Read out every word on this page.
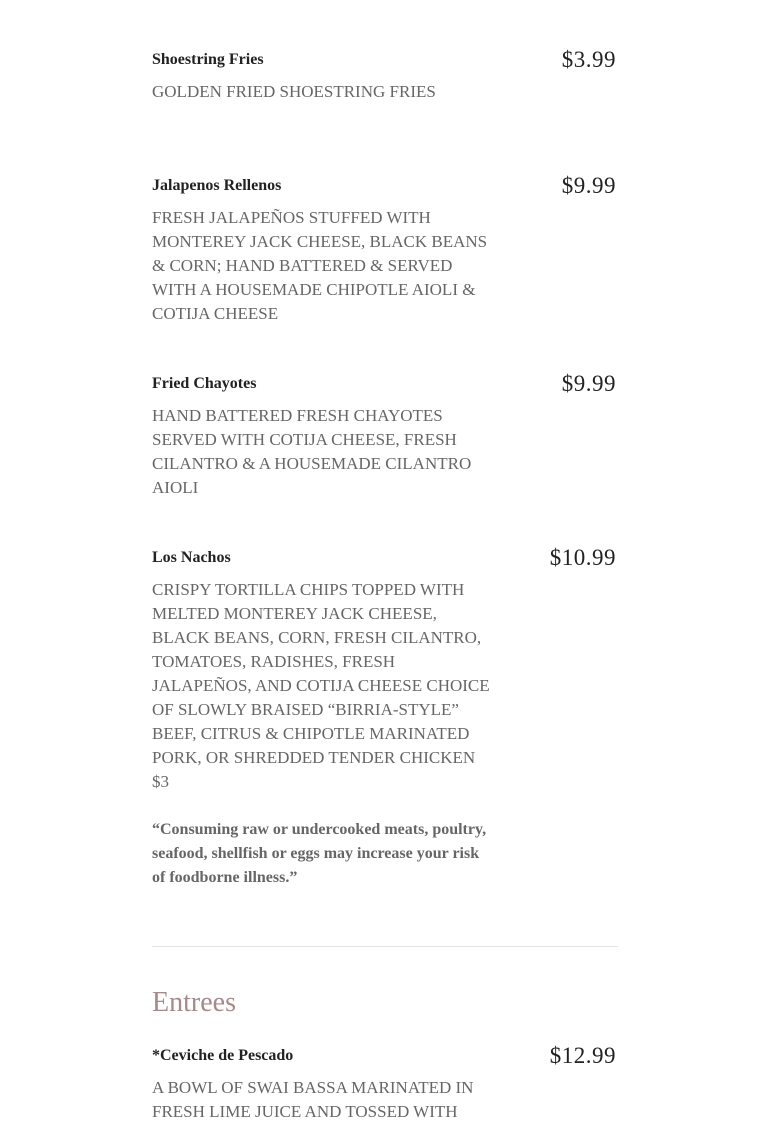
Shoestring Fries	$3.99
GOLDEN FRIED SHOESTRING FRIES
Jalapenos Rellenos	$9.99
FRESH JALAPEÑOS STUFFED WITH MONTEREY JACK CHEESE, BLACK BEANS & CORN; HAND BATTERED & SERVED WITH A HOUSEMADE CHIPOTLE AIOLI & COTIJA CHEESE
Fried Chayotes	$9.99
HAND BATTERED FRESH CHAYOTES SERVED WITH COTIJA CHEESE, FRESH CILANTRO & A HOUSEMADE CILANTRO AIOLI
Los Nachos	$10.99
CRISPY TORTILLA CHIPS TOPPED WITH MELTED MONTEREY JACK CHEESE, BLACK BEANS, CORN, FRESH CILANTRO, TOMATOES, RADISHES, FRESH JALAPEÑOS, AND COTIJA CHEESE CHOICE OF SLOWLY BRAISED “BIRRIA-STYLE” BEEF, CITRUS & CHIPOTLE MARINATED PORK, OR SHREDDED TENDER CHICKEN $3
“Consuming raw or undercooked meats, poultry, seafood, shellfish or eggs may increase your risk of foodborne illness.”
Entrees
*Ceviche de Pescado	$12.99
A BOWL OF SWAI BASSA MARINATED IN FRESH LIME JUICE AND TOSSED WITH
